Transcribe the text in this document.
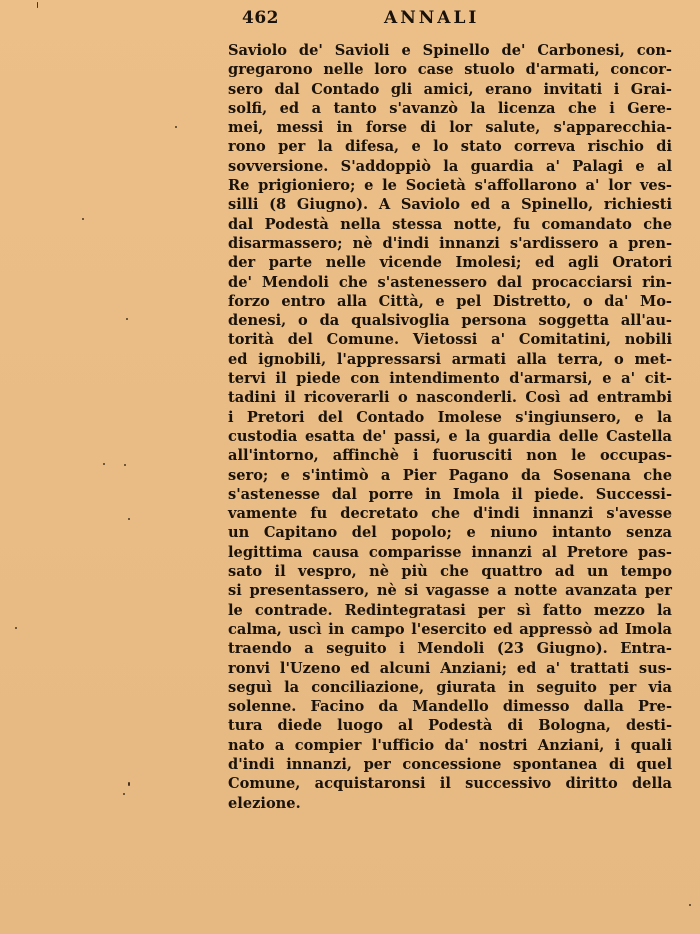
462	ANNALI
Saviolo de' Savioli e Spinello de' Carbonesi, con-
gregarono nelle loro case stuolo d'armati, concor-
sero dal Contado gli amici, erano invitati i Grai-
solfi, ed a tanto s'avanzò la licenza che i Gere-
mei, messi in forse di lor salute, s'apparecchia-
rono per la difesa, e lo stato correva rischio di
sovversione. S'addoppiò la guardia a' Palagi e al
Re prigioniero; e le Società s'affollarono a' lor ves-
silli (8 Giugno). A Saviolo ed a Spinello, richiesti
dal Podestà nella stessa notte, fu comandato che
disarmassero; nè d'indi innanzi s'ardissero a pren-
der parte nelle vicende Imolesi; ed agli Oratori
de' Mendoli che s'astenessero dal procacciarsi rin-
forzo entro alla Città, e pel Distretto, o da' Mo-
denesi, o da qualsivoglia persona soggetta all'au-
torità del Comune. Vietossi a' Comitatini, nobili
ed ignobili, l'appressarsi armati alla terra, o met-
tervi il piede con intendimento d'armarsi, e a' cit-
tadini il ricoverarli o nasconderli. Così ad entrambi
i Pretori del Contado Imolese s'ingiunsero, e la
custodia esatta de' passi, e la guardia delle Castella
all'intorno, affinchè i fuorusciti non le occupas-
sero; e s'intimò a Pier Pagano da Sosenana che
s'astenesse dal porre in Imola il piede. Successi-
vamente fu decretato che d'indi innanzi s'avesse
un Capitano del popolo; e niuno intanto senza
legittima causa comparisse innanzi al Pretore pas-
sato il vespro, nè più che quattro ad un tempo
si presentassero, nè si vagasse a notte avanzata per
le contrade. Redintegratasi per sì fatto mezzo la
calma, uscì in campo l'esercito ed appressò ad Imola
traendo a seguito i Mendoli (23 Giugno). Entra-
ronvi l'Uzeno ed alcuni Anziani; ed a' trattati sus-
seguì la conciliazione, giurata in seguito per via
solenne. Facino da Mandello dimesso dalla Pre-
tura diede luogo al Podestà di Bologna, desti-
nato a compier l'ufficio da' nostri Anziani, i quali
d'indi innanzi, per concessione spontanea di quel
Comune, acquistaronsi il successivo diritto della
elezione.
